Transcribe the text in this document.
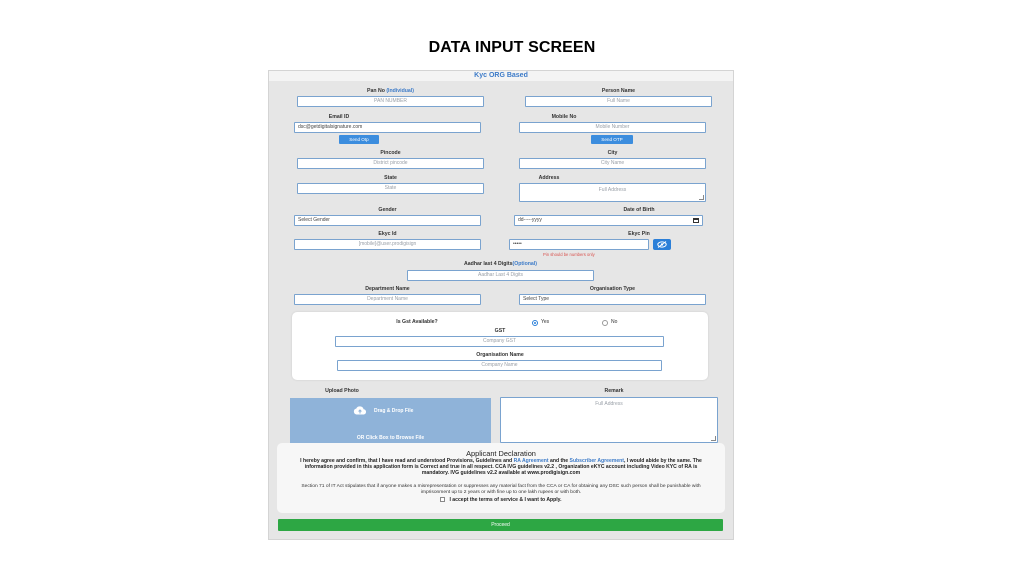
DATA INPUT SCREEN
Kyc ORG Based
Pan No (Individual)
PAN NUMBER
Person Name
Full Name
Email ID
dsc@getdigitalsignature.com
Send Otp
Mobile No
Mobile Number
Send OTP
Pincode
District pincode
City
City Name
State
State
Address
Full Address
Gender
Select Gender
Date of Birth
dd-----yyyy
Ekyc Id
[mobile]@user.prodigisign
Ekyc Pin
•••••
Pin should be numbers only
Aadhar last 4 Digits(Optional)
Aadhar Last 4 Digits
Department Name
Department Name
Organisation Type
Select Type
Is Gst Available?	Yes	No
GST
Company GST
Organisation Name
Company Name
Upload Photo
Drag & Drop File
OR Click Box to Browse File
Remark
Full Address
Applicant Declaration
I hereby agree and confirm, that I have read and understood Provisions, Guidelines and RA Agreement and the Subscriber Agreement, I would abide by the same. The information provided in this application form is Correct and true in all respect. CCA IVG guidelines v2.2 , Organization eKYC account including Video KYC of RA is mandatory. IVG guidelines v2.2 available at www.prodigisign.com
Section 71 of IT Act stipulates that if anyone makes a misrepresentation or suppresses any material fact from the CCA or CA for obtaining any DSC such person shall be punishable with imprisonment up to 2 years or with fine up to one lakh rupees or with both.
I accept the terms of service & I want to Apply.
Proceed
